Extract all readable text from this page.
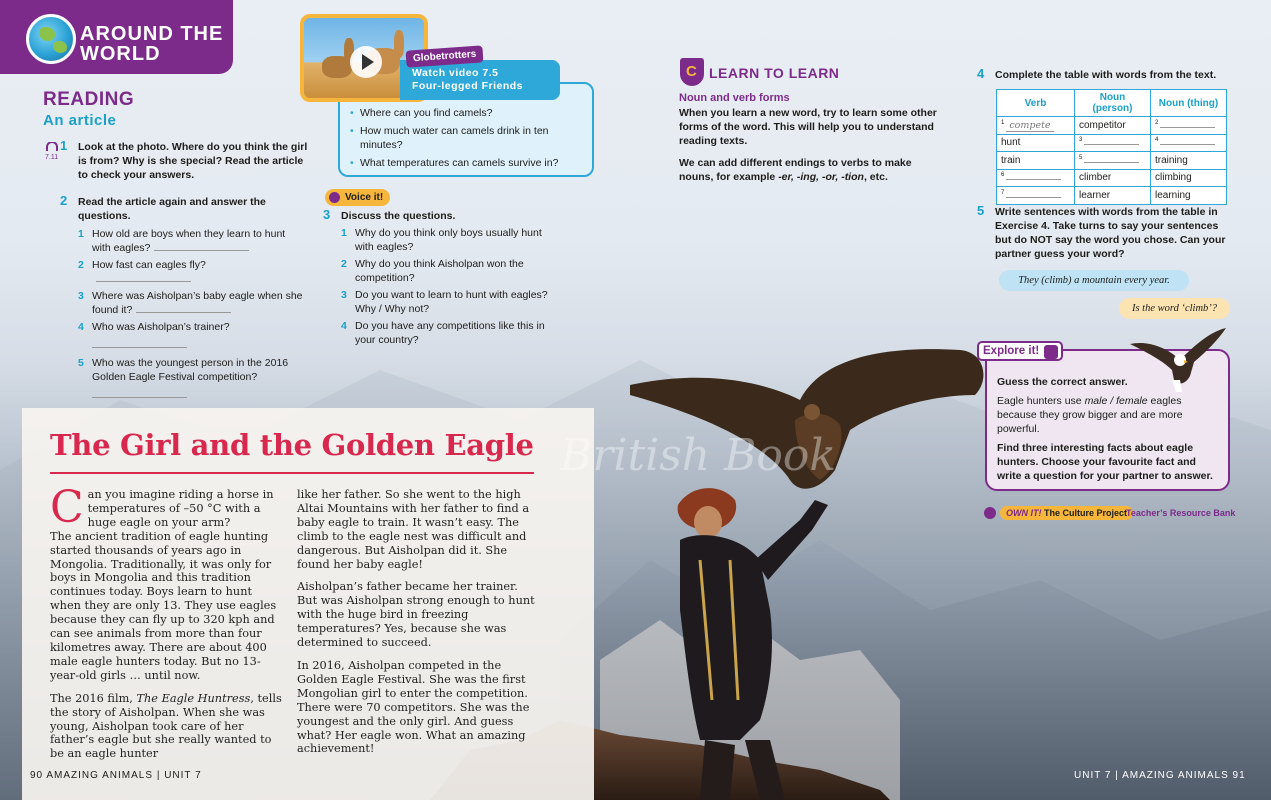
AROUND THE WORLD
READING
An article
7.11
1 Look at the photo. Where do you think the girl is from? Why is she special? Read the article to check your answers.
2 Read the article again and answer the questions.
1 How old are boys when they learn to hunt with eagles?
2 How fast can eagles fly?
3 Where was Aisholpan’s baby eagle when she found it?
4 Who was Aisholpan’s trainer?
5 Who was the youngest person in the 2016 Golden Eagle Festival competition?
• Where can you find camels?
• How much water can camels drink in ten minutes?
• What temperatures can camels survive in?
Watch video 7.5
Four-legged Friends
Globetrotters
Voice it!
3 Discuss the questions.
1 Why do you think only boys usually hunt with eagles?
2 Why do you think Aisholpan won the competition?
3 Do you want to learn to hunt with eagles? Why / Why not?
4 Do you have any competitions like this in your country?
C
LEARN TO LEARN
Noun and verb forms

When you learn a new word, try to learn some other forms of the word. This will help you to understand reading texts.

We can add different endings to verbs to make nouns, for example -er, -ing, -or, -tion, etc.

4 Complete the table with words from the text.
Verb	Noun (person)	Noun (thing)
$^1$ compete	competitor	$^2$
hunt	$^3$	$^4$
train	$^5$	training
$^6$	climber	climbing
$^7$	learner	learning
5 Write sentences with words from the table in Exercise 4. Take turns to say your sentences but do NOT say the word you chose. Can your partner guess your word?
They (climb) a mountain every year.
Is the word ‘climb’?

Guess the correct answer.

Eagle hunters use male / female eagles because they grow bigger and are more powerful.

Find three interesting facts about eagle hunters. Choose your favourite fact and write a question for your partner to answer.

Explore it!
OWN IT! The Culture Project
Teacher’s Resource Bank
The Girl and the Golden Eagle

Can you imagine riding a horse in temperatures of –50 °C with a huge eagle on your arm?
The ancient tradition of eagle hunting started thousands of years ago in Mongolia. Traditionally, it was only for boys in Mongolia and this tradition continues today. Boys learn to hunt when they are only 13. They use eagles because they can fly up to 320 kph and can see animals from more than four kilometres away. There are about 400 male eagle hunters today. But no 13-year-old girls … until now.

The 2016 film, The Eagle Huntress, tells the story of Aisholpan. When she was young, Aisholpan took care of her father’s eagle but she really wanted to be an eagle hunter

like her father. So she went to the high Altai Mountains with her father to find a baby eagle to train. It wasn’t easy. The climb to the eagle nest was difficult and dangerous. But Aisholpan did it. She found her baby eagle!

Aisholpan’s father became her trainer. But was Aisholpan strong enough to hunt with the huge bird in freezing temperatures? Yes, because she was determined to succeed.

In 2016, Aisholpan competed in the Golden Eagle Festival. She was the first Mongolian girl to enter the competition. There were 70 competitors. She was the youngest and the only girl. And guess what? Her eagle won. What an amazing achievement!

British Book
90 AMAZING ANIMALS | UNIT 7	UNIT 7 | AMAZING ANIMALS 91
